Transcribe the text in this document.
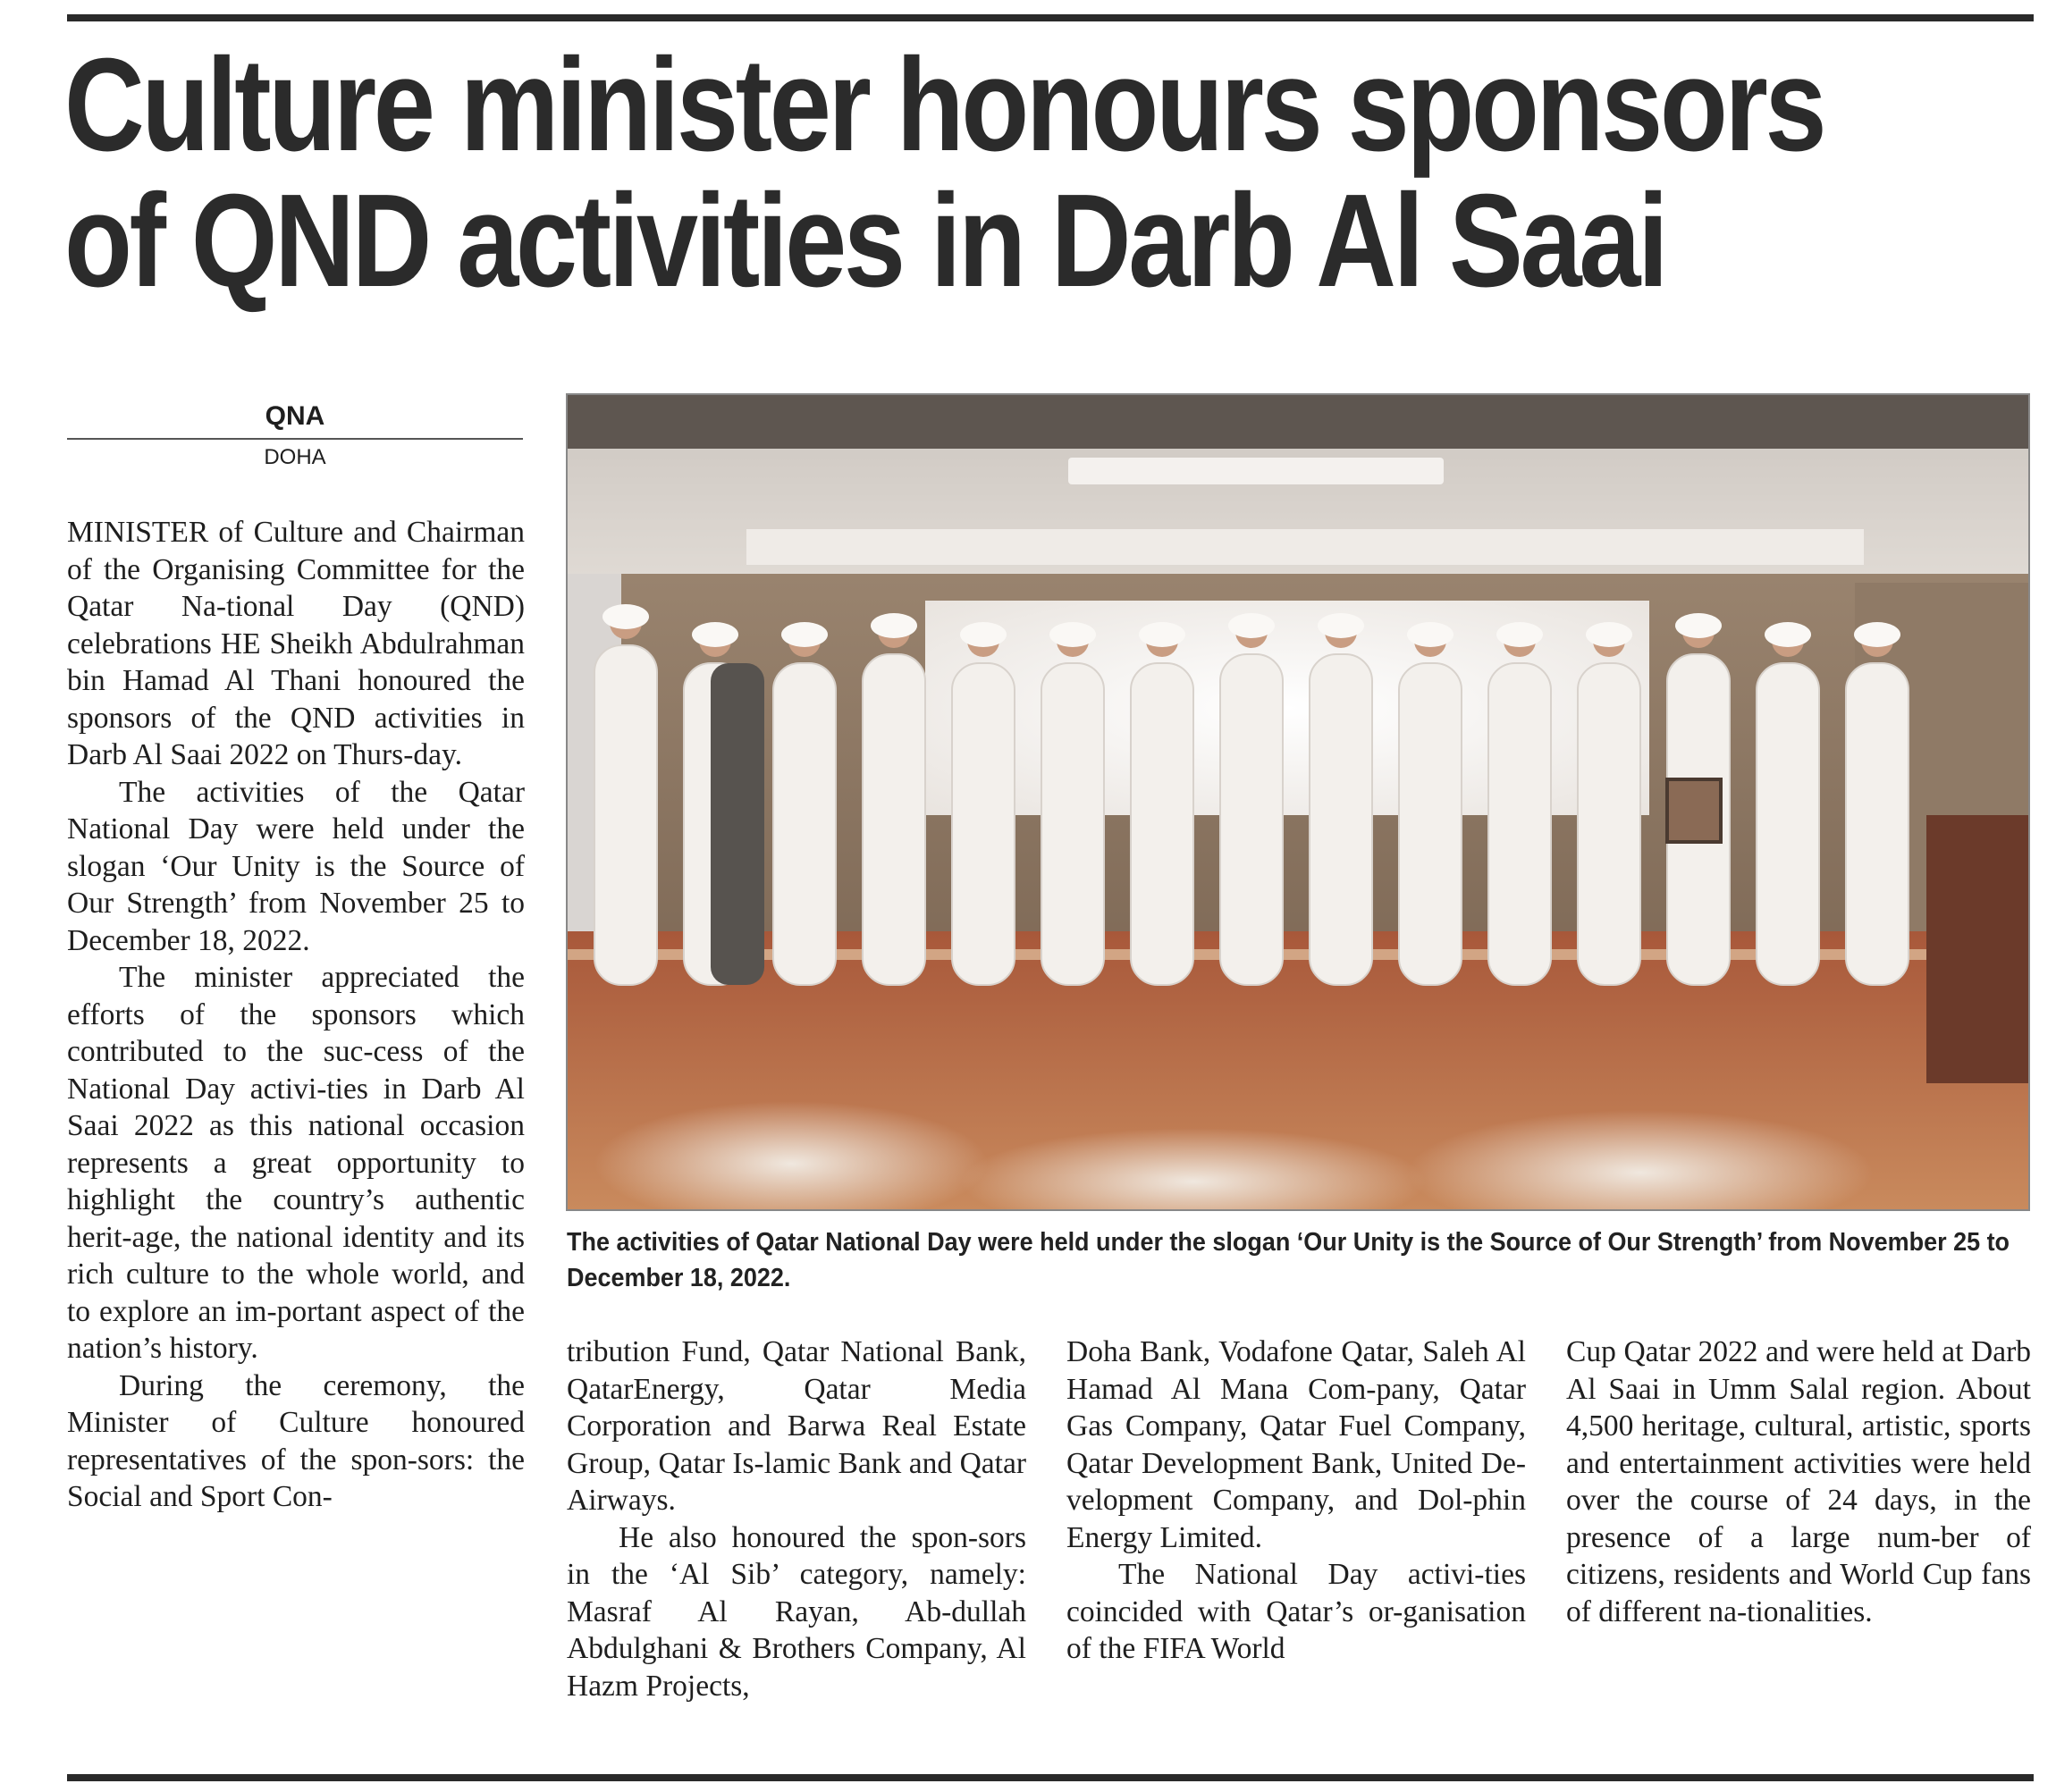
Culture minister honours sponsors
of QND activities in Darb Al Saai
QNA
DOHA

MINISTER of Culture and Chairman of the Organising Committee for the Qatar Na-tional Day (QND) celebrations HE Sheikh Abdulrahman bin Hamad Al Thani honoured the sponsors of the QND activities in Darb Al Saai 2022 on Thurs-day.

The activities of the Qatar National Day were held under the slogan ‘Our Unity is the Source of Our Strength’ from November 25 to December 18, 2022.

The minister appreciated the efforts of the sponsors which contributed to the suc-cess of the National Day activi-ties in Darb Al Saai 2022 as this national occasion represents a great opportunity to highlight the country’s authentic herit-age, the national identity and its rich culture to the whole world, and to explore an im-portant aspect of the nation’s history.

During the ceremony, the Minister of Culture honoured representatives of the spon-sors: the Social and Sport Con-

The activities of Qatar National Day were held under the slogan ‘Our Unity is the Source of Our Strength’ from November 25 to December 18, 2022.

tribution Fund, Qatar National Bank, QatarEnergy, Qatar Media Corporation and Barwa Real Estate Group, Qatar Is-lamic Bank and Qatar Airways.

He also honoured the spon-sors in the ‘Al Sib’ category, namely: Masraf Al Rayan, Ab-dullah Abdulghani & Brothers Company, Al Hazm Projects,

Doha Bank, Vodafone Qatar, Saleh Al Hamad Al Mana Com-pany, Qatar Gas Company, Qatar Fuel Company, Qatar Development Bank, United De-velopment Company, and Dol-phin Energy Limited.

The National Day activi-ties coincided with Qatar’s or-ganisation of the FIFA World

Cup Qatar 2022 and were held at Darb Al Saai in Umm Salal region. About 4,500 heritage, cultural, artistic, sports and entertainment activities were held over the course of 24 days, in the presence of a large num-ber of citizens, residents and World Cup fans of different na-tionalities.
